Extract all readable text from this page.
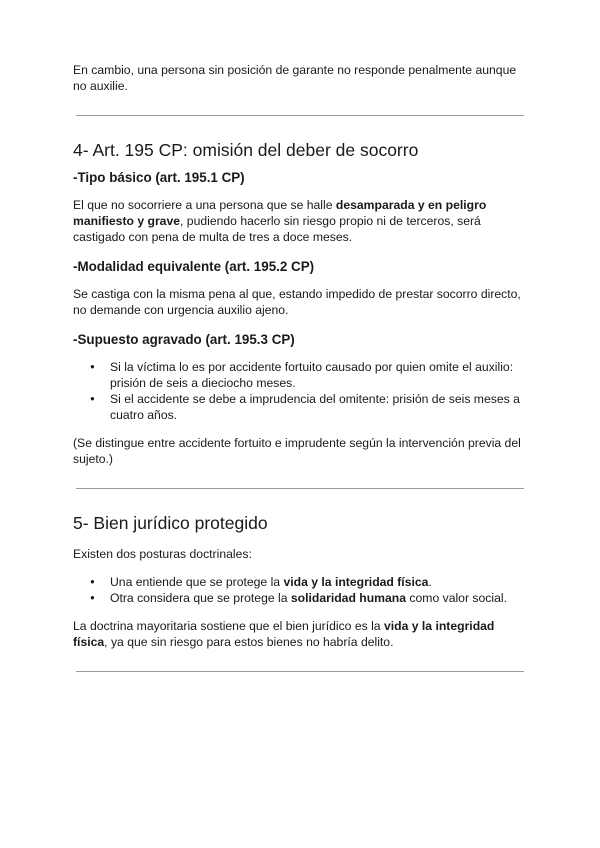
En cambio, una persona sin posición de garante no responde penalmente aunque no auxilie.

4- Art. 195 CP: omisión del deber de socorro
-Tipo básico (art. 195.1 CP)

El que no socorriere a una persona que se halle desamparada y en peligro manifiesto y grave, pudiendo hacerlo sin riesgo propio ni de terceros, será castigado con pena de multa de tres a doce meses.

-Modalidad equivalente (art. 195.2 CP)

Se castiga con la misma pena al que, estando impedido de prestar socorro directo, no demande con urgencia auxilio ajeno.

-Supuesto agravado (art. 195.3 CP)
● Si la víctima lo es por accidente fortuito causado por quien omite el auxilio: prisión de seis a dieciocho meses.
● Si el accidente se debe a imprudencia del omitente: prisión de seis meses a cuatro años.

(Se distingue entre accidente fortuito e imprudente según la intervención previa del sujeto.)

5- Bien jurídico protegido

Existen dos posturas doctrinales:

● Una entiende que se protege la vida y la integridad física.
● Otra considera que se protege la solidaridad humana como valor social.

La doctrina mayoritaria sostiene que el bien jurídico es la vida y la integridad física, ya que sin riesgo para estos bienes no habría delito.
